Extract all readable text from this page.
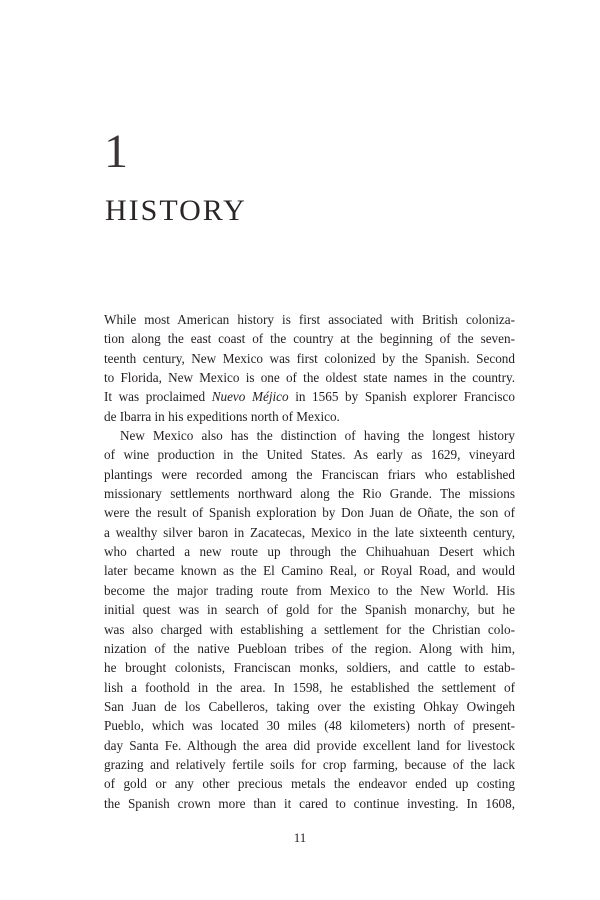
1
HISTORY
While most American history is first associated with British coloniza-
tion along the east coast of the country at the beginning of the seven-
teenth century, New Mexico was first colonized by the Spanish. Second
to Florida, New Mexico is one of the oldest state names in the country.
It was proclaimed Nuevo Méjico in 1565 by Spanish explorer Francisco
de Ibarra in his expeditions north of Mexico.
New Mexico also has the distinction of having the longest history
of wine production in the United States. As early as 1629, vineyard
plantings were recorded among the Franciscan friars who established
missionary settlements northward along the Rio Grande. The missions
were the result of Spanish exploration by Don Juan de Oñate, the son of
a wealthy silver baron in Zacatecas, Mexico in the late sixteenth century,
who charted a new route up through the Chihuahuan Desert which
later became known as the El Camino Real, or Royal Road, and would
become the major trading route from Mexico to the New World. His
initial quest was in search of gold for the Spanish monarchy, but he
was also charged with establishing a settlement for the Christian colo-
nization of the native Puebloan tribes of the region. Along with him,
he brought colonists, Franciscan monks, soldiers, and cattle to estab-
lish a foothold in the area. In 1598, he established the settlement of
San Juan de los Cabelleros, taking over the existing Ohkay Owingeh
Pueblo, which was located 30 miles (48 kilometers) north of present-
day Santa Fe. Although the area did provide excellent land for livestock
grazing and relatively fertile soils for crop farming, because of the lack
of gold or any other precious metals the endeavor ended up costing
the Spanish crown more than it cared to continue investing. In 1608,
11
